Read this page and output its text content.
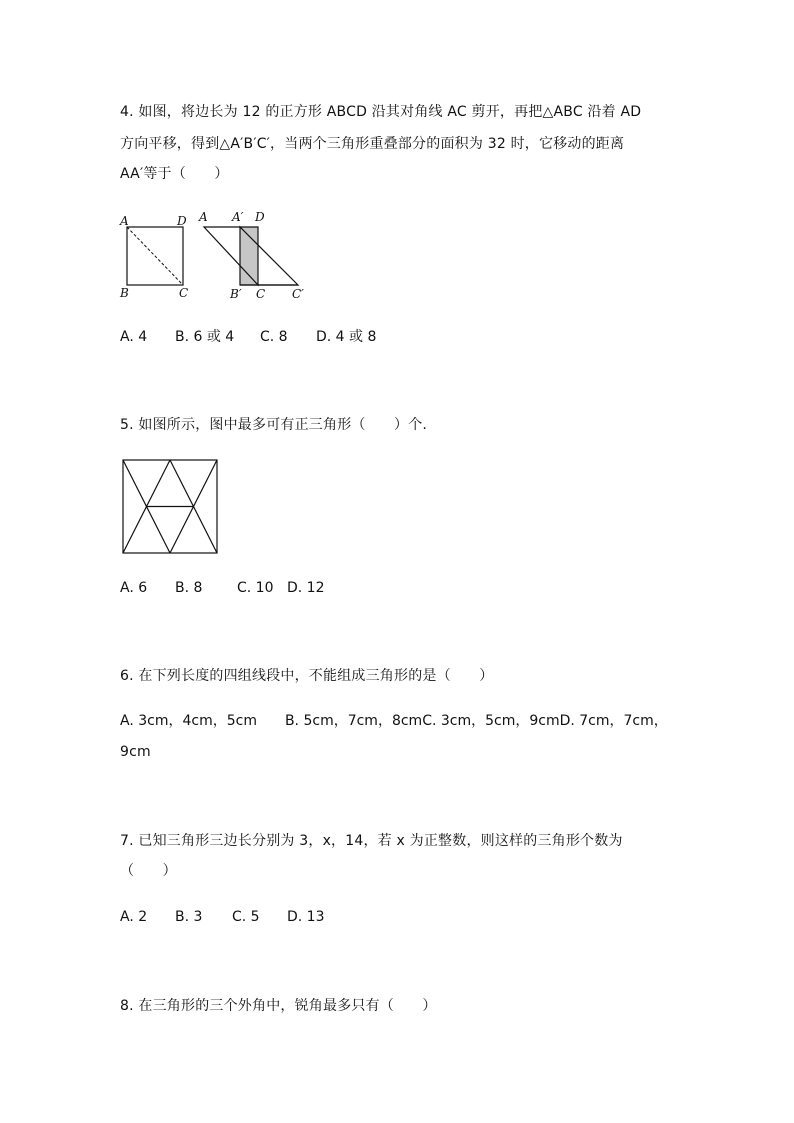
4. 如图，将边长为 12 的正方形 ABCD 沿其对角线 AC 剪开，再把△ABC 沿着 AD
方向平移，得到△A′B′C′，当两个三角形重叠部分的面积为 32 时，它移动的距离
AA′等于（　　）
A	D
B	C
A A′ D
B′ C C′
A. 4 B. 6 或 4 C. 8 D. 4 或 8
5. 如图所示，图中最多可有正三角形（　　）个.
A. 6 B. 8 C. 10 D. 12
6. 在下列长度的四组线段中，不能组成三角形的是（　　）
A. 3cm，4cm，5cm　　B. 5cm，7cm，8cmC. 3cm，5cm，9cmD. 7cm，7cm，
9cm
7. 已知三角形三边长分别为 3，x，14，若 x 为正整数，则这样的三角形个数为
（　　）
A. 2 B. 3 C. 5 D. 13
8. 在三角形的三个外角中，锐角最多只有（　　）
